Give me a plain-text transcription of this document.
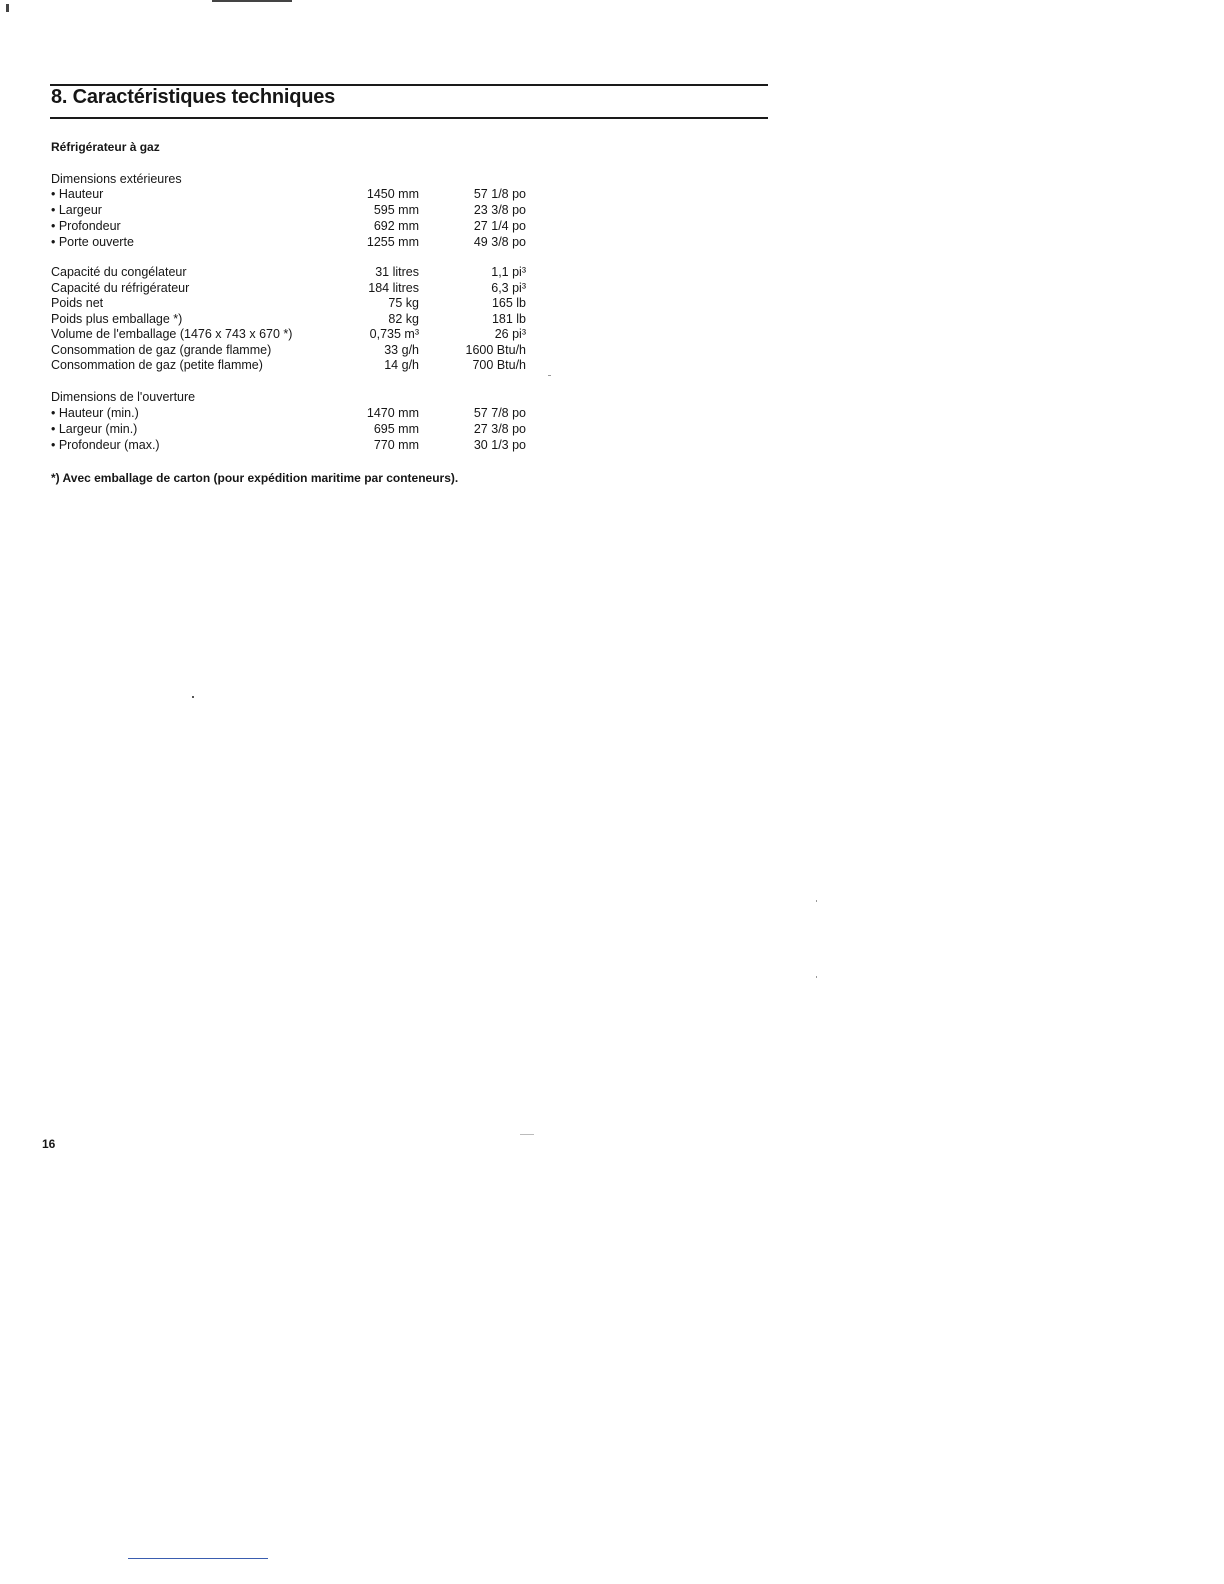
8. Caractéristiques techniques
Réfrigérateur à gaz
Dimensions extérieures
• Hauteur	1450 mm	57 1/8 po
• Largeur	595 mm	23 3/8 po
• Profondeur	692 mm	27 1/4 po
• Porte ouverte	1255 mm	49 3/8 po
Capacité du congélateur	31 litres	1,1 pi³
Capacité du réfrigérateur	184 litres	6,3 pi³
Poids net	75 kg	165 lb
Poids plus emballage *)	82 kg	181 lb
Volume de l'emballage (1476 x 743 x 670 *)	0,735 m³	26 pi³
Consommation de gaz (grande flamme)	33 g/h	1600 Btu/h
Consommation de gaz (petite flamme)	14 g/h	700 Btu/h
Dimensions de l'ouverture
• Hauteur (min.)	1470 mm	57 7/8 po
• Largeur (min.)	695 mm	27 3/8 po
• Profondeur (max.)	770 mm	30 1/3 po
*) Avec emballage de carton (pour expédition maritime par conteneurs).
16
